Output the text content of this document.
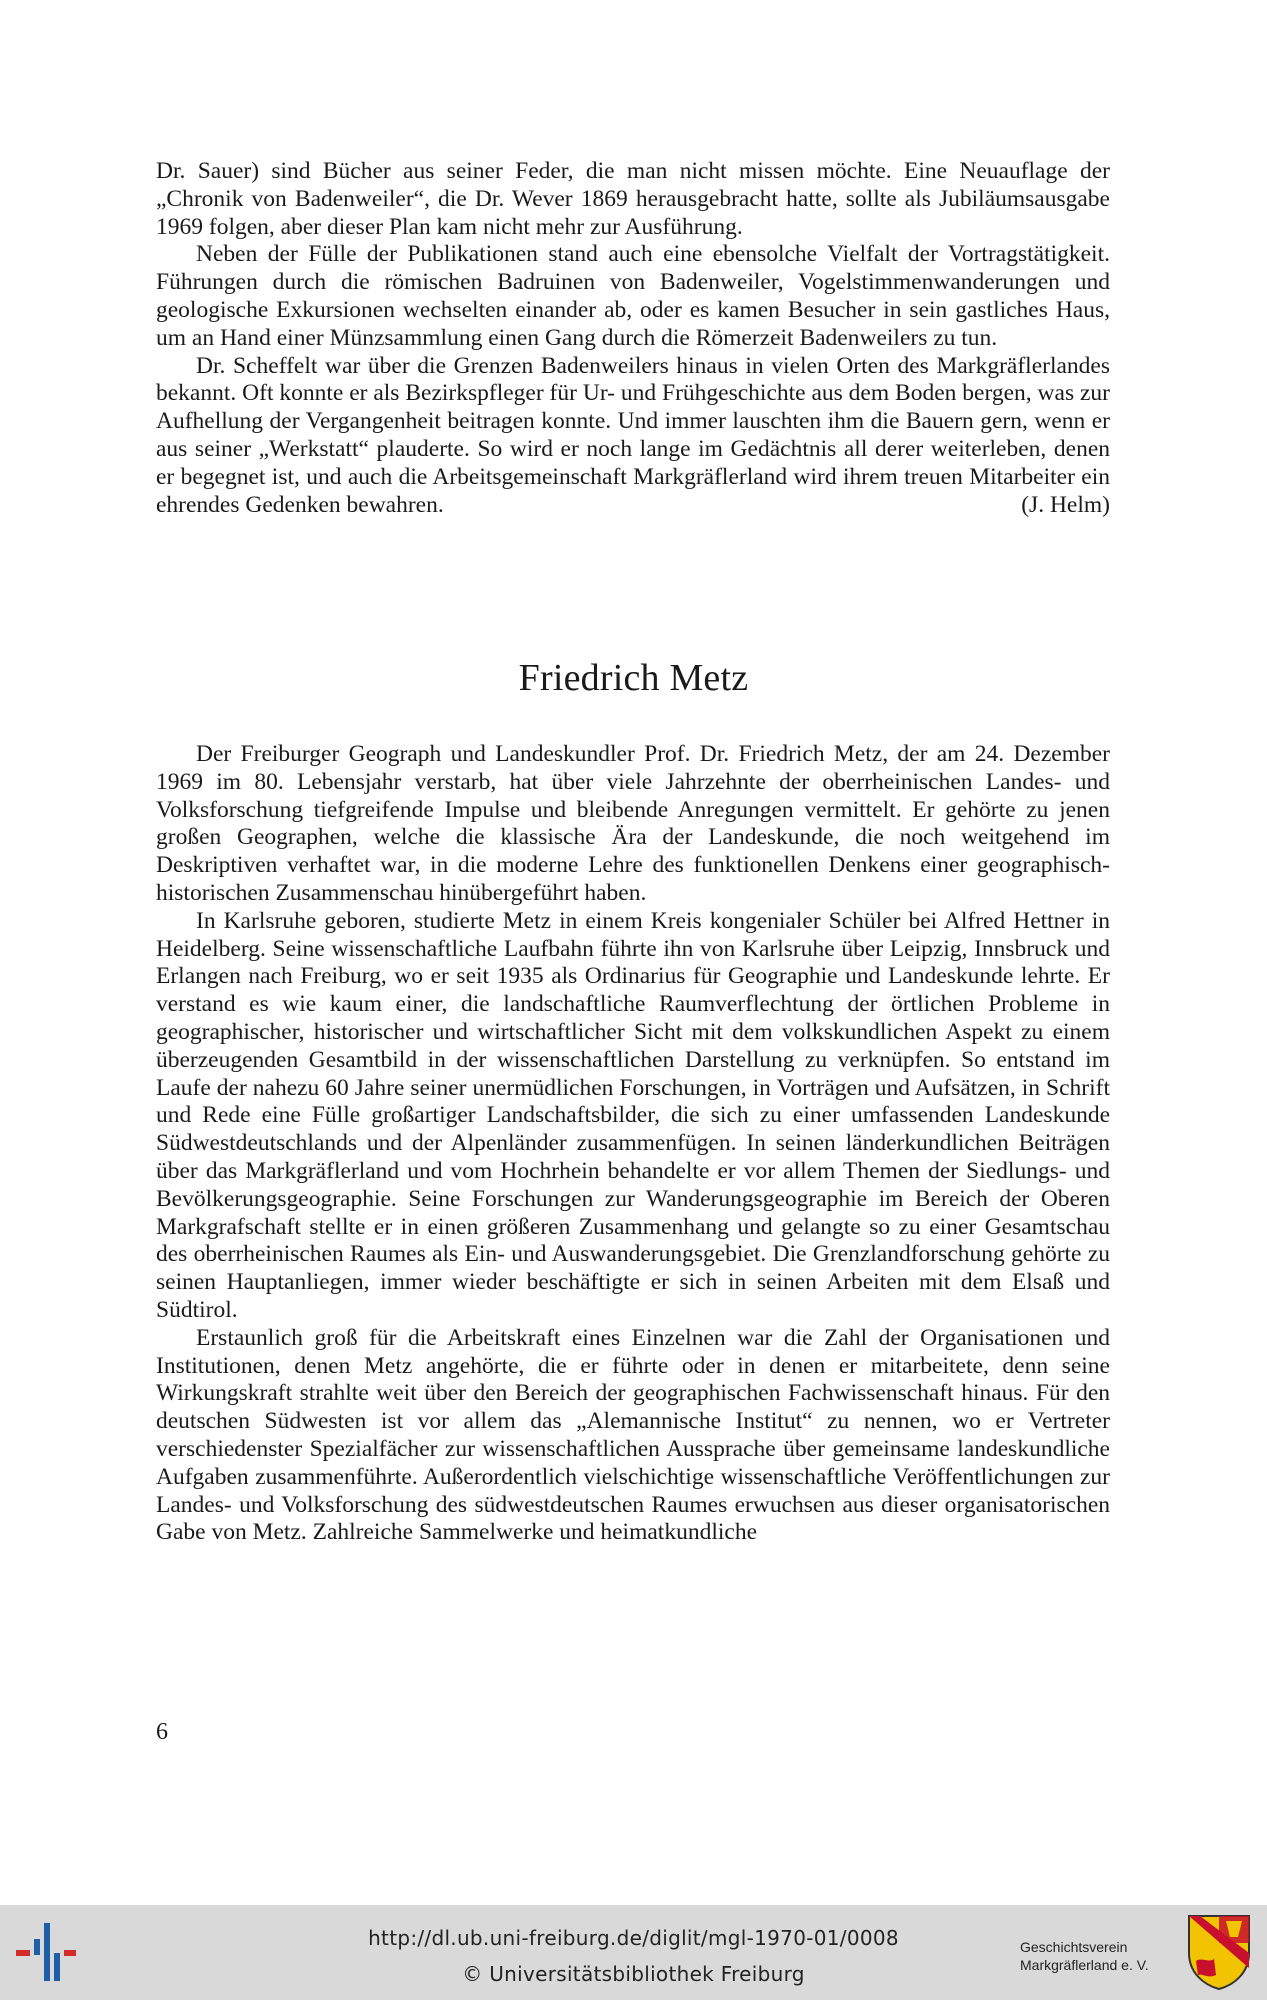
Dr. Sauer) sind Bücher aus seiner Feder, die man nicht missen möchte. Eine Neuauflage der „Chronik von Badenweiler“, die Dr. Wever 1869 herausgebracht hatte, sollte als Jubiläumsausgabe 1969 folgen, aber dieser Plan kam nicht mehr zur Ausführung.

Neben der Fülle der Publikationen stand auch eine ebensolche Vielfalt der Vortragstätigkeit. Führungen durch die römischen Badruinen von Badenweiler, Vogelstimmenwanderungen und geologische Exkursionen wechselten einander ab, oder es kamen Besucher in sein gastliches Haus, um an Hand einer Münzsammlung einen Gang durch die Römerzeit Badenweilers zu tun.

Dr. Scheffelt war über die Grenzen Badenweilers hinaus in vielen Orten des Markgräflerlandes bekannt. Oft konnte er als Bezirkspfleger für Ur- und Frühgeschichte aus dem Boden bergen, was zur Aufhellung der Vergangenheit beitragen konnte. Und immer lauschten ihm die Bauern gern, wenn er aus seiner „Werkstatt“ plauderte. So wird er noch lange im Gedächtnis all derer weiterleben, denen er begegnet ist, und auch die Arbeitsgemeinschaft Markgräflerland wird ihrem treuen Mitarbeiter ein ehrendes Gedenken bewahren.	(J. Helm)

Friedrich Metz

Der Freiburger Geograph und Landeskundler Prof. Dr. Friedrich Metz, der am 24. Dezember 1969 im 80. Lebensjahr verstarb, hat über viele Jahrzehnte der oberrheinischen Landes- und Volksforschung tiefgreifende Impulse und bleibende Anregungen vermittelt. Er gehörte zu jenen großen Geographen, welche die klassische Ära der Landeskunde, die noch weitgehend im Deskriptiven verhaftet war, in die moderne Lehre des funktionellen Denkens einer geographisch-historischen Zusammenschau hinübergeführt haben.

In Karlsruhe geboren, studierte Metz in einem Kreis kongenialer Schüler bei Alfred Hettner in Heidelberg. Seine wissenschaftliche Laufbahn führte ihn von Karlsruhe über Leipzig, Innsbruck und Erlangen nach Freiburg, wo er seit 1935 als Ordinarius für Geographie und Landeskunde lehrte. Er verstand es wie kaum einer, die landschaftliche Raumverflechtung der örtlichen Probleme in geographischer, historischer und wirtschaftlicher Sicht mit dem volkskundlichen Aspekt zu einem überzeugenden Gesamtbild in der wissenschaftlichen Darstellung zu verknüpfen. So entstand im Laufe der nahezu 60 Jahre seiner unermüdlichen Forschungen, in Vorträgen und Aufsätzen, in Schrift und Rede eine Fülle großartiger Landschaftsbilder, die sich zu einer umfassenden Landeskunde Südwestdeutschlands und der Alpenländer zusammenfügen. In seinen länderkundlichen Beiträgen über das Markgräflerland und vom Hochrhein behandelte er vor allem Themen der Siedlungs- und Bevölkerungsgeographie. Seine Forschungen zur Wanderungsgeographie im Bereich der Oberen Markgrafschaft stellte er in einen größeren Zusammenhang und gelangte so zu einer Gesamtschau des oberrheinischen Raumes als Ein- und Auswanderungsgebiet. Die Grenzlandforschung gehörte zu seinen Hauptanliegen, immer wieder beschäftigte er sich in seinen Arbeiten mit dem Elsaß und Südtirol.

Erstaunlich groß für die Arbeitskraft eines Einzelnen war die Zahl der Organisationen und Institutionen, denen Metz angehörte, die er führte oder in denen er mitarbeitete, denn seine Wirkungskraft strahlte weit über den Bereich der geographischen Fachwissenschaft hinaus. Für den deutschen Südwesten ist vor allem das „Alemannische Institut“ zu nennen, wo er Vertreter verschiedenster Spezialfächer zur wissenschaftlichen Aussprache über gemeinsame landeskundliche Aufgaben zusammenführte. Außerordentlich vielschichtige wissenschaftliche Veröffentlichungen zur Landes- und Volksforschung des südwestdeutschen Raumes erwuchsen aus dieser organisatorischen Gabe von Metz. Zahlreiche Sammelwerke und heimatkundliche

6

http://dl.ub.uni-freiburg.de/diglit/mgl-1970-01/0008
© Universitätsbibliothek Freiburg
Geschichtsverein
Markgräflerland e. V.
